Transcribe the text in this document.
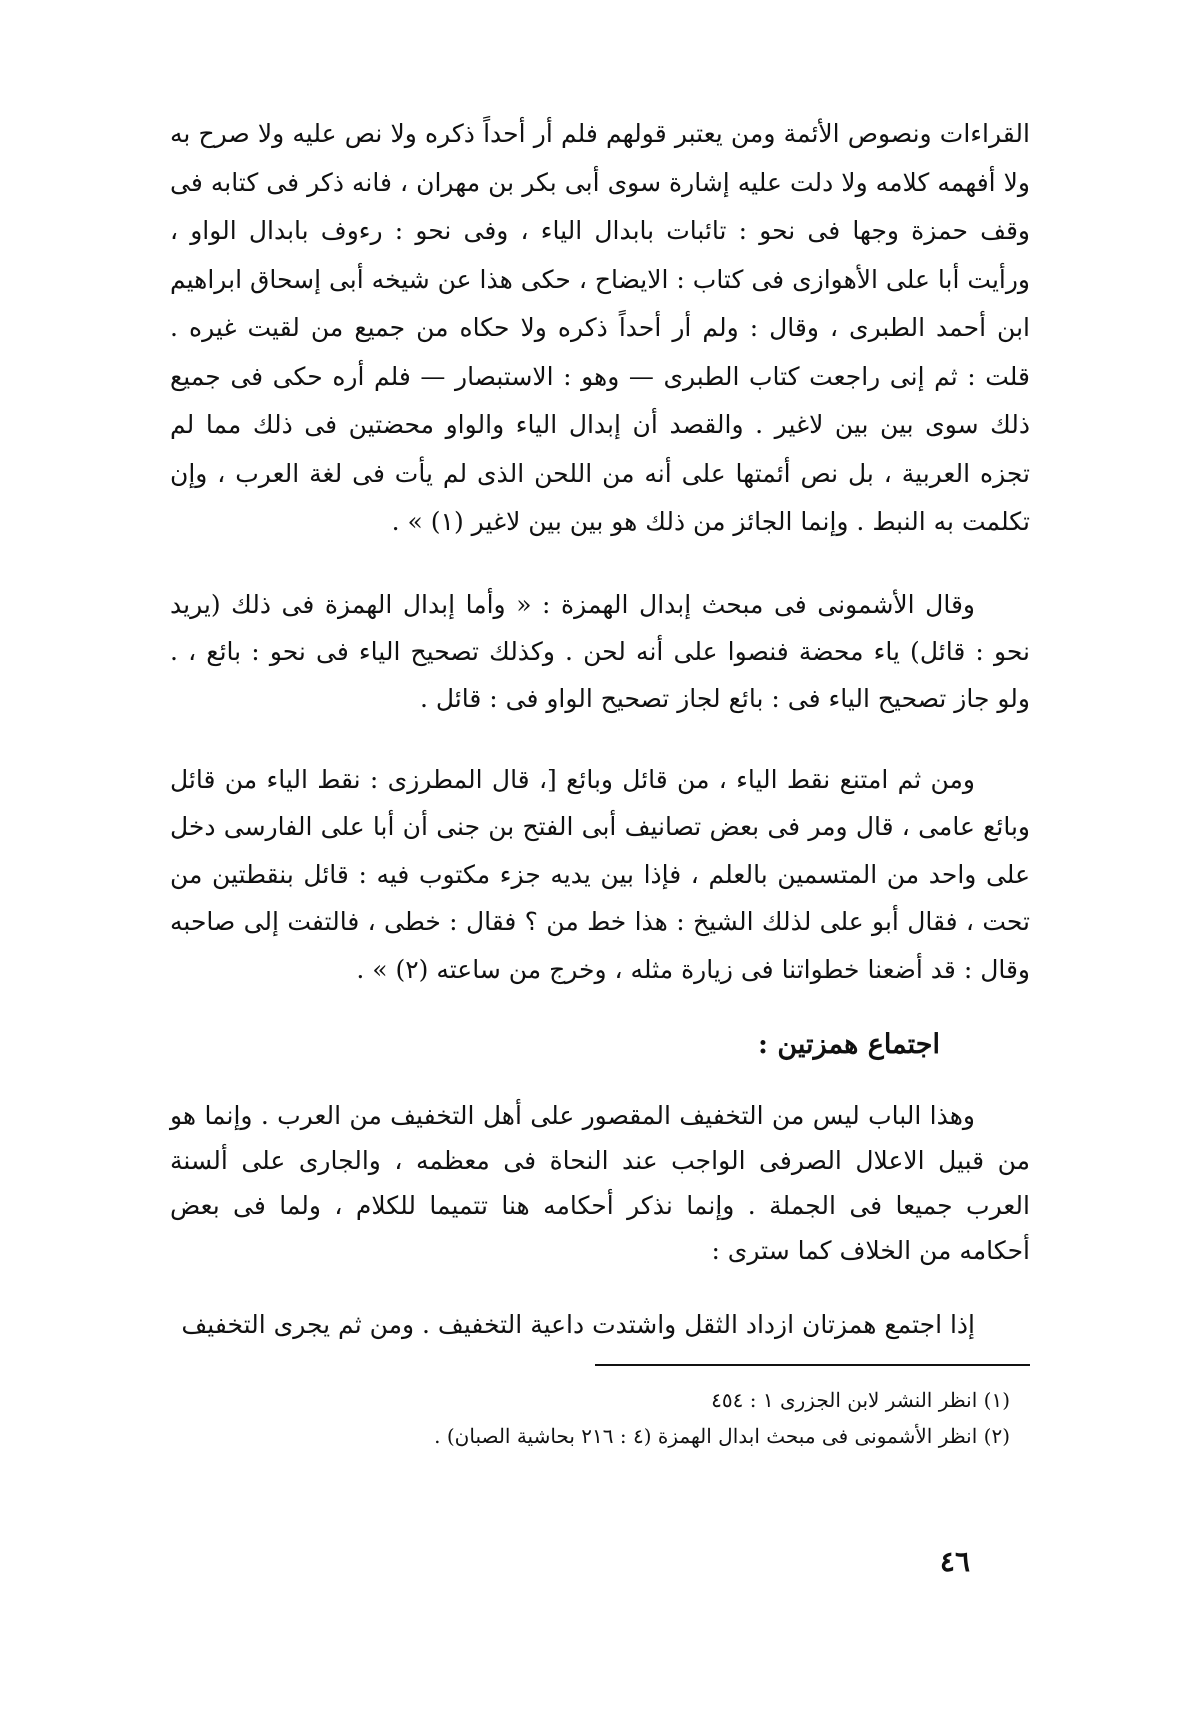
القراءات ونصوص الأئمة ومن يعتبر قولهم فلم أر أحداً ذكره ولا نص عليه ولا صرح به ولا أفهمه كلامه ولا دلت عليه إشارة سوى أبى بكر بن مهران ، فانه ذكر فى كتابه فى وقف حمزة وجها فى نحو : تائبات بابدال الياء ، وفى نحو : رءوف بابدال الواو ، ورأيت أبا على الأهوازى فى كتاب : الايضاح ، حكى هذا عن شيخه أبى إسحاق ابراهيم ابن أحمد الطبرى ، وقال : ولم أر أحداً ذكره ولا حكاه من جميع من لقيت غيره . قلت : ثم إنى راجعت كتاب الطبرى — وهو : الاستبصار — فلم أره حكى فى جميع ذلك سوى بين بين لاغير . والقصد أن إبدال الياء والواو محضتين فى ذلك مما لم تجزه العربية ، بل نص أئمتها على أنه من اللحن الذى لم يأت فى لغة العرب ، وإن تكلمت به النبط . وإنما الجائز من ذلك هو بين بين لاغير (١) » .

وقال الأشمونى فى مبحث إبدال الهمزة : « وأما إبدال الهمزة فى ذلك (يريد نحو : قائل) ياء محضة فنصوا على أنه لحن . وكذلك تصحيح الياء فى نحو : بائع ، . ولو جاز تصحيح الياء فى : بائع لجاز تصحيح الواو فى : قائل .

ومن ثم امتنع نقط الياء ، من قائل وبائع [، قال المطرزى : نقط الياء من قائل وبائع عامى ، قال ومر فى بعض تصانيف أبى الفتح بن جنى أن أبا على الفارسى دخل على واحد من المتسمين بالعلم ، فإذا بين يديه جزء مكتوب فيه : قائل بنقطتين من تحت ، فقال أبو على لذلك الشيخ : هذا خط من ؟ فقال : خطى ، فالتفت إلى صاحبه وقال : قد أضعنا خطواتنا فى زيارة مثله ، وخرج من ساعته (٢) » .

اجتماع همزتين :

وهذا الباب ليس من التخفيف المقصور على أهل التخفيف من العرب . وإنما هو من قبيل الاعلال الصرفى الواجب عند النحاة فى معظمه ، والجارى على ألسنة العرب جميعا فى الجملة . وإنما نذكر أحكامه هنا تتميما للكلام ، ولما فى بعض أحكامه من الخلاف كما سترى :

إذا اجتمع همزتان ازداد الثقل واشتدت داعية التخفيف . ومن ثم يجرى التخفيف

(١) انظر النشر لابن الجزرى ١ : ٤٥٤

(٢) انظر الأشمونى فى مبحث ابدال الهمزة (٤ : ٢١٦ بحاشية الصبان) .

٤٦
